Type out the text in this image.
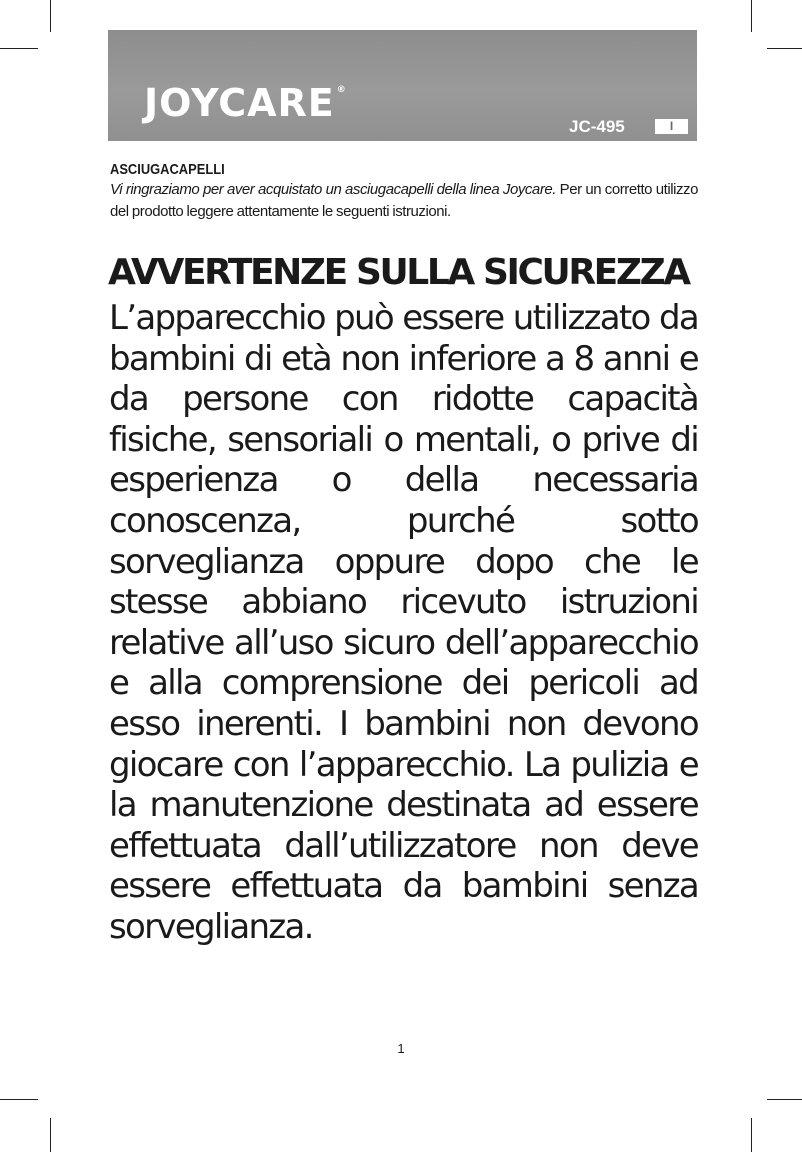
JOYCARE ®
JC-495	I
ASCIUGACAPELLI
Vi ringraziamo per aver acquistato un asciugacapelli della linea Joycare. Per un corretto utilizzo del prodotto leggere attentamente le seguenti istruzioni.
AVVERTENZE SULLA SICUREZZA
L’apparecchio può essere utilizzato da bambini di età non inferiore a 8 anni e da persone con ridotte capacità fisiche, sensoriali o mentali, o prive di esperienza o della necessaria conoscenza, purché sotto sorveglianza oppure dopo che le stesse abbiano ricevuto istruzioni relative all’uso sicuro dell’apparecchio e alla comprensione dei pericoli ad esso inerenti. I bambini non devono giocare con l’apparecchio. La pulizia e la manutenzione destinata ad essere effettuata dall’utilizzatore non deve essere effettuata da bambini senza sorveglianza.
1
